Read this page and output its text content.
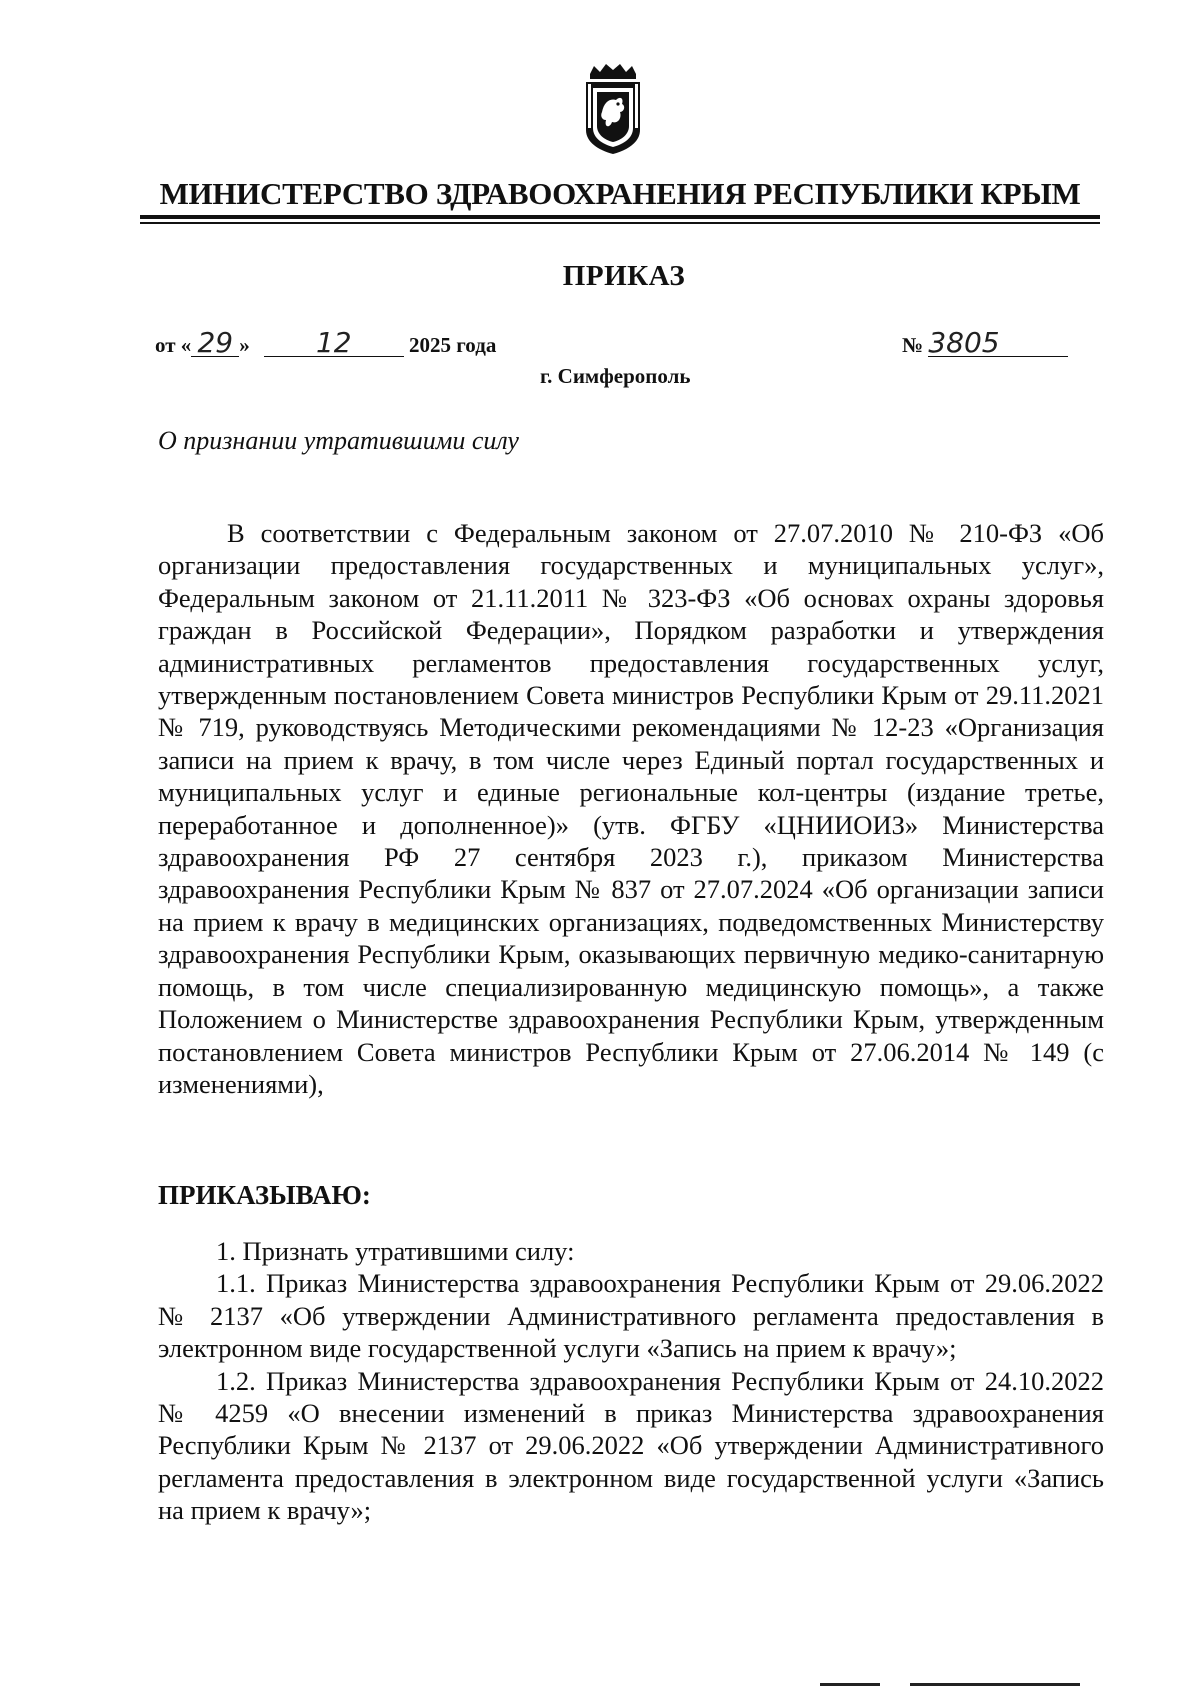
МИНИСТЕРСТВО ЗДРАВООХРАНЕНИЯ РЕСПУБЛИКИ КРЫМ
ПРИКАЗ
от « 29 » 12	2025 года	№ 3805
г. Симферополь
О признании утратившими силу

В соответствии с Федеральным законом от 27.07.2010 № 210-ФЗ «Об организации предоставления государственных и муниципальных услуг», Федеральным законом от 21.11.2011 № 323-ФЗ «Об основах охраны здоровья граждан в Российской Федерации», Порядком разработки и утверждения административных регламентов предоставления государственных услуг, утвержденным постановлением Совета министров Республики Крым от 29.11.2021 № 719, руководствуясь Методическими рекомендациями № 12-23 «Организация записи на прием к врачу, в том числе через Единый портал государственных и муниципальных услуг и единые региональные кол-центры (издание третье, переработанное и дополненное)» (утв. ФГБУ «ЦНИИОИЗ» Министерства здравоохранения РФ 27 сентября 2023 г.), приказом Министерства здравоохранения Республики Крым № 837 от 27.07.2024 «Об организации записи на прием к врачу в медицинских организациях, подведомственных Министерству здравоохранения Республики Крым, оказывающих первичную медико-санитарную помощь, в том числе специализированную медицинскую помощь», а также Положением о Министерстве здравоохранения Республики Крым, утвержденным постановлением Совета министров Республики Крым от 27.06.2014 № 149 (с изменениями),

ПРИКАЗЫВАЮ:

1. Признать утратившими силу:

1.1. Приказ Министерства здравоохранения Республики Крым от 29.06.2022 № 2137 «Об утверждении Административного регламента предоставления в электронном виде государственной услуги «Запись на прием к врачу»;

1.2. Приказ Министерства здравоохранения Республики Крым от 24.10.2022 № 4259 «О внесении изменений в приказ Министерства здравоохранения Республики Крым № 2137 от 29.06.2022 «Об утверждении Административного регламента предоставления в электронном виде государственной услуги «Запись на прием к врачу»;
